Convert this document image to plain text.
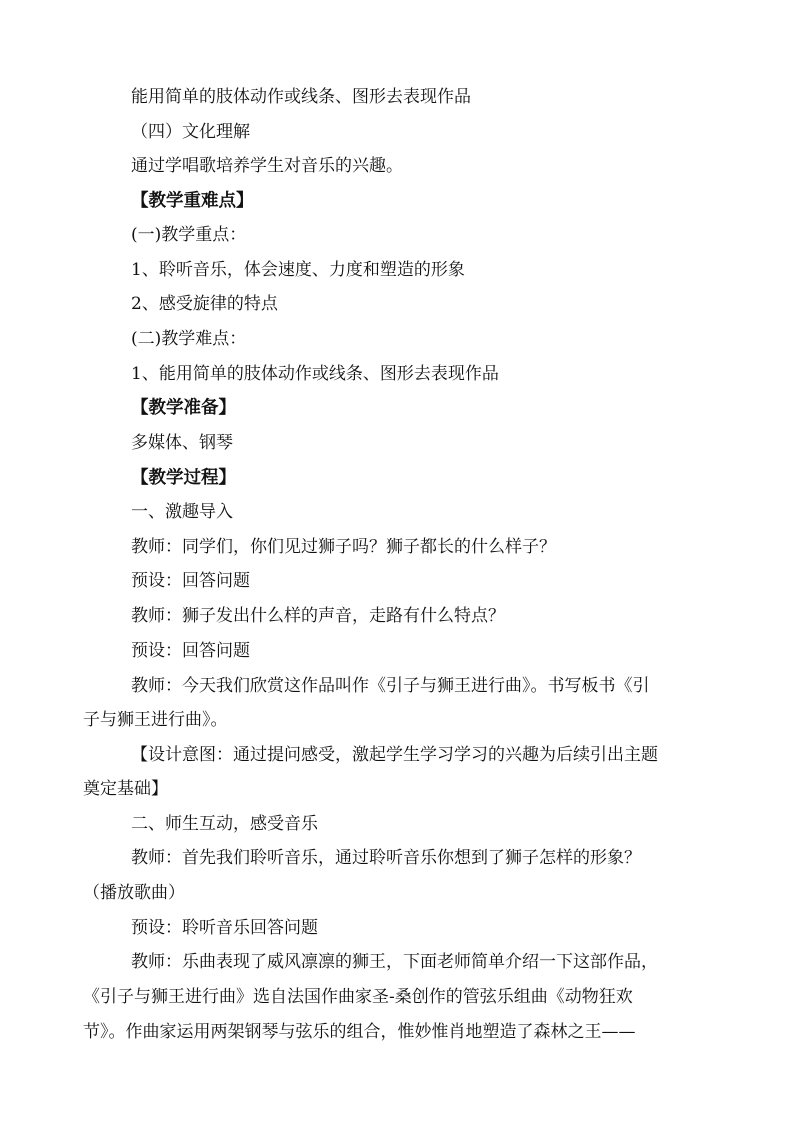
能用简单的肢体动作或线条、图形去表现作品
（四）文化理解
通过学唱歌培养学生对音乐的兴趣。
【教学重难点】
(一)教学重点：
1、聆听音乐，体会速度、力度和塑造的形象
2、感受旋律的特点
(二)教学难点：
1、能用简单的肢体动作或线条、图形去表现作品
【教学准备】
多媒体、钢琴
【教学过程】
一、激趣导入
教师：同学们，你们见过狮子吗？狮子都长的什么样子？
预设：回答问题
教师：狮子发出什么样的声音，走路有什么特点？
预设：回答问题
教师：今天我们欣赏这作品叫作《引子与狮王进行曲》。书写板书《引
子与狮王进行曲》。
【设计意图：通过提问感受，激起学生学习学习的兴趣为后续引出主题
奠定基础】
二、师生互动，感受音乐
教师：首先我们聆听音乐，通过聆听音乐你想到了狮子怎样的形象？
（播放歌曲）
预设：聆听音乐回答问题
教师：乐曲表现了威风凛凛的狮王，下面老师简单介绍一下这部作品，
《引子与狮王进行曲》选自法国作曲家圣-桑创作的管弦乐组曲《动物狂欢
节》。作曲家运用两架钢琴与弦乐的组合，惟妙惟肖地塑造了森林之王——
